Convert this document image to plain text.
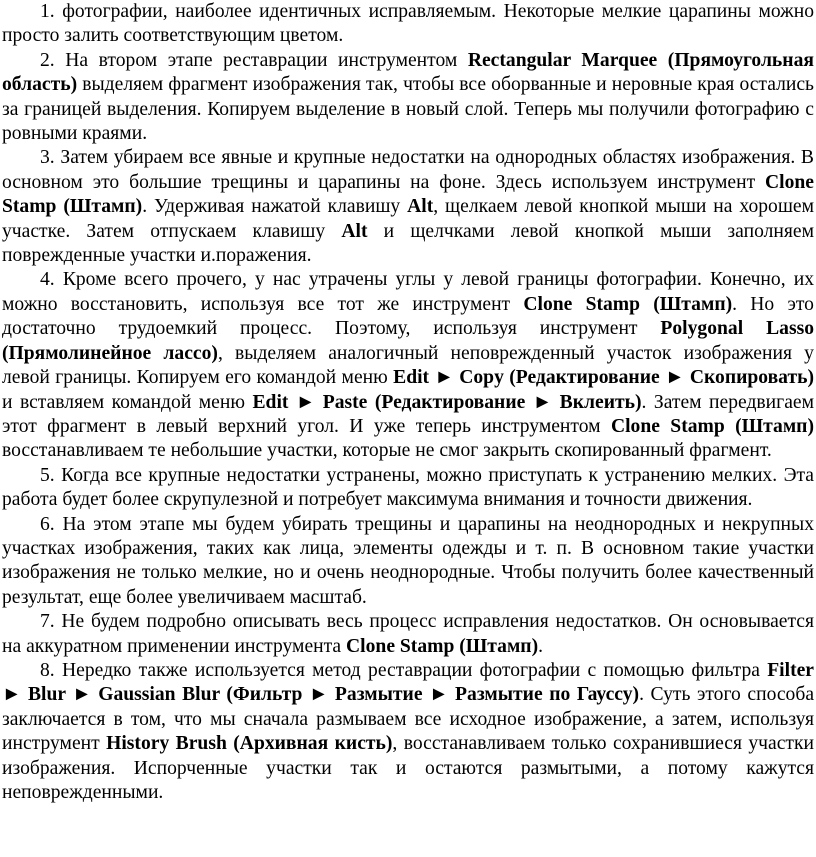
1. фотографии, наиболее идентичных исправляемым. Некоторые мелкие царапины можно просто залить соответствующим цветом.

2. На втором этапе реставрации инструментом Rectangular Marquee (Прямоугольная область) выделяем фрагмент изображения так, чтобы все оборванные и неровные края остались за границей выделения. Копируем выделение в новый слой. Теперь мы получили фотографию с ровными краями.

3. Затем убираем все явные и крупные недостатки на однородных областях изображения. В основном это большие трещины и царапины на фоне. Здесь используем инструмент Clone Stamp (Штамп). Удерживая нажатой клавишу Alt, щелкаем левой кнопкой мыши на хорошем участке. Затем отпускаем клавишу Alt и щелчками левой кнопкой мыши заполняем поврежденные участки и.поражения.

4. Кроме всего прочего, у нас утрачены углы у левой границы фотографии. Конечно, их можно восстановить, используя все тот же инструмент Clone Stamp (Штамп). Но это достаточно трудоемкий процесс. Поэтому, используя инструмент Polygonal Lasso (Прямолинейное лассо), выделяем аналогичный неповрежденный участок изображения у левой границы. Копируем его командой меню Edit ► Copy (Редактирование ► Скопировать) и вставляем командой меню Edit ► Paste (Редактирование ► Вклеить). Затем передвигаем этот фрагмент в левый верхний угол. И уже теперь инструментом Clone Stamp (Штамп) восстанавливаем те небольшие участки, которые не смог закрыть скопированный фрагмент.

5. Когда все крупные недостатки устранены, можно приступать к устранению мелких. Эта работа будет более скрупулезной и потребует максимума внимания и точности движения.

6. На этом этапе мы будем убирать трещины и царапины на неоднородных и некрупных участках изображения, таких как лица, элементы одежды и т. п. В основном такие участки изображения не только мелкие, но и очень неоднородные. Чтобы получить более качественный результат, еще более увеличиваем масштаб.

7. Не будем подробно описывать весь процесс исправления недостатков. Он основывается на аккуратном применении инструмента Clone Stamp (Штамп).

8. Нередко также используется метод реставрации фотографии с помощью фильтра Filter ► Blur ► Gaussian Blur (Фильтр ► Размытие ► Размытие по Гауссу). Суть этого способа заключается в том, что мы сначала размываем все исходное изображение, а затем, используя инструмент History Brush (Архивная кисть), восстанавливаем только сохранившиеся участки изображения. Испорченные участки так и остаются размытыми, а потому кажутся неповрежденными.
